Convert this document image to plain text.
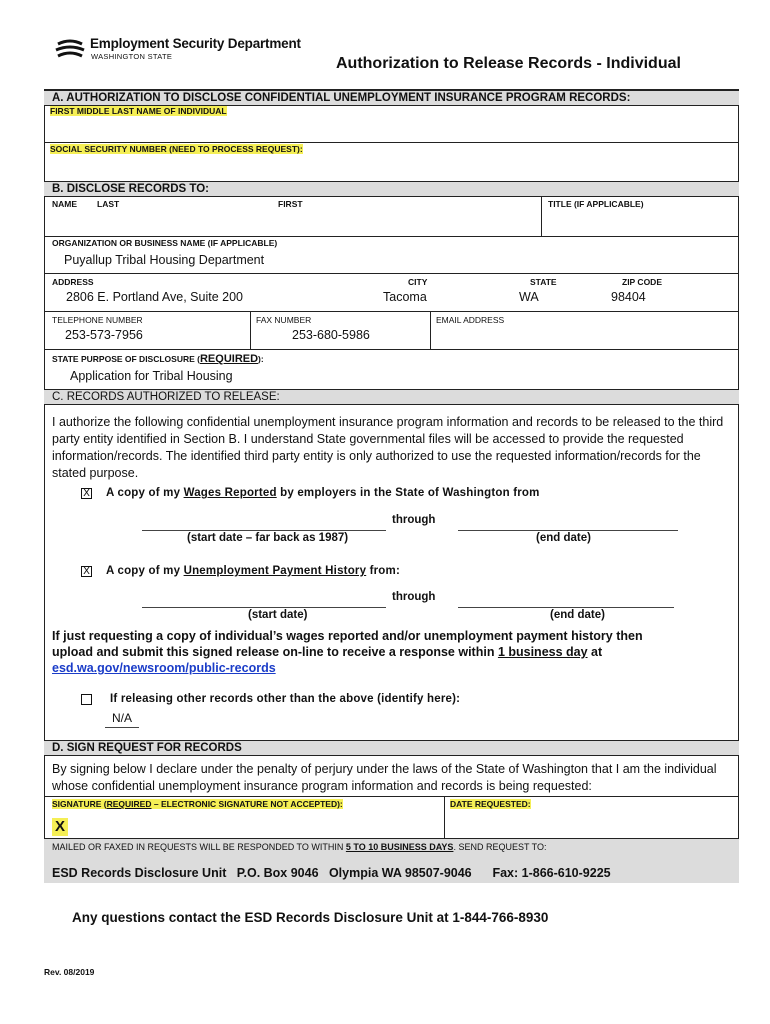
Employment Security Department
WASHINGTON STATE	Authorization to Release Records - Individual
A. AUTHORIZATION TO DISCLOSE CONFIDENTIAL UNEMPLOYMENT INSURANCE PROGRAM RECORDS:
FIRST MIDDLE LAST NAME OF INDIVIDUAL
SOCIAL SECURITY NUMBER (NEED TO PROCESS REQUEST):
B. DISCLOSE RECORDS TO:
NAME LAST	FIRST	TITLE (IF APPLICABLE)
ORGANIZATION OR BUSINESS NAME (IF APPLICABLE)
Puyallup Tribal Housing Department
ADDRESS	CITY	STATE	ZIP CODE
2806 E. Portland Ave, Suite 200	Tacoma	WA	98404
TELEPHONE NUMBER	FAX NUMBER	EMAIL ADDRESS
253-573-7956	253-680-5986
STATE PURPOSE OF DISCLOSURE (REQUIRED):
Application for Tribal Housing
C. RECORDS AUTHORIZED TO RELEASE:
I authorize the following confidential unemployment insurance program information and records to be released to the third party entity identified in Section B. I understand State governmental files will be accessed to provide the requested information/records. The identified third party entity is only authorized to use the requested information/records for the stated purpose.
X A copy of my Wages Reported by employers in the State of Washington from
through
(start date – far back as 1987)	(end date)
X A copy of my Unemployment Payment History from:
through
(start date)	(end date)
If just requesting a copy of individual’s wages reported and/or unemployment payment history then
upload and submit this signed release on-line to receive a response within 1 business day at
esd.wa.gov/newsroom/public-records
If releasing other records other than the above (identify here):
N/A
D. SIGN REQUEST FOR RECORDS
By signing below I declare under the penalty of perjury under the laws of the State of Washington that I am the individual whose confidential unemployment insurance program information and records is being requested:
SIGNATURE (REQUIRED – ELECTRONIC SIGNATURE NOT ACCEPTED):	DATE REQUESTED:
X
MAILED OR FAXED IN REQUESTS WILL BE RESPONDED TO WITHIN 5 TO 10 BUSINESS DAYS. SEND REQUEST TO:
ESD Records Disclosure Unit   P.O. Box 9046   Olympia WA 98507-9046      Fax: 1-866-610-9225
Any questions contact the ESD Records Disclosure Unit at 1-844-766-8930
Rev. 08/2019
